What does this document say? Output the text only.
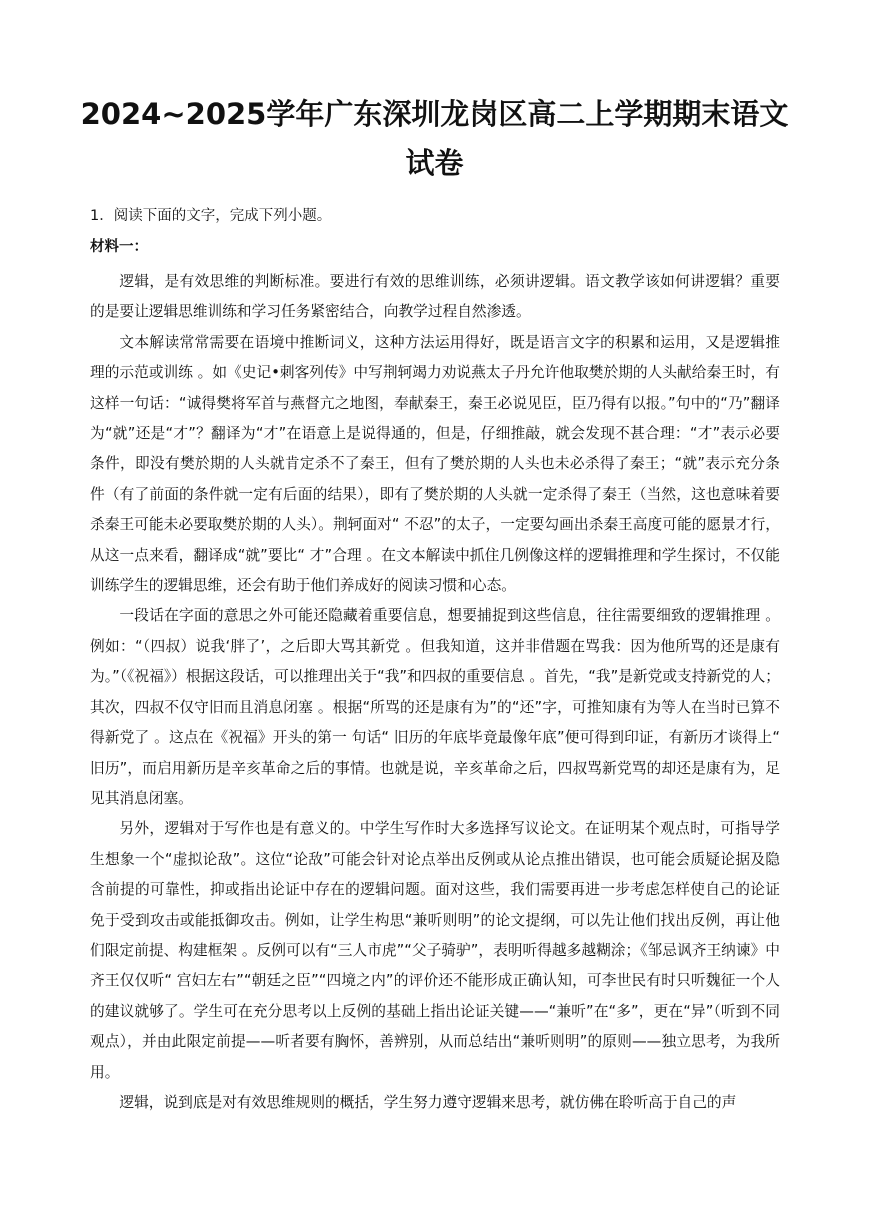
2024~2025学年广东深圳龙岗区高二上学期期末语文试卷
1．阅读下面的文字，完成下列小题。
材料一：

逻辑，是有效思维的判断标准。要进行有效的思维训练，必须讲逻辑。语文教学该如何讲逻辑？重要的是要让逻辑思维训练和学习任务紧密结合，向教学过程自然渗透。

文本解读常常需要在语境中推断词义，这种方法运用得好，既是语言文字的积累和运用，又是逻辑推理的示范或训练 。如《史记•刺客列传》中写荆轲竭力劝说燕太子丹允许他取樊於期的人头献给秦王时，有这样一句话：“诚得樊将军首与燕督亢之地图，奉献秦王，秦王必说见臣，臣乃得有以报。”句中的“乃”翻译为“就”还是“才”？翻译为“才”在语意上是说得通的，但是，仔细推敲，就会发现不甚合理：“才”表示必要条件，即没有樊於期的人头就肯定杀不了秦王，但有了樊於期的人头也未必杀得了秦王；“就”表示充分条件（有了前面的条件就一定有后面的结果），即有了樊於期的人头就一定杀得了秦王（当然，这也意味着要杀秦王可能未必要取樊於期的人头）。荆轲面对“ 不忍”的太子，一定要勾画出杀秦王高度可能的愿景才行，从这一点来看，翻译成“就”要比“ 才”合理 。在文本解读中抓住几例像这样的逻辑推理和学生探讨，不仅能训练学生的逻辑思维，还会有助于他们养成好的阅读习惯和心态。

一段话在字面的意思之外可能还隐藏着重要信息，想要捕捉到这些信息，往往需要细致的逻辑推理 。例如：“（四叔）说我‘胖了’，之后即大骂其新党 。但我知道，这并非借题在骂我：因为他所骂的还是康有为。”（《祝福》）根据这段话，可以推理出关于“我”和四叔的重要信息 。首先，“我”是新党或支持新党的人；其次，四叔不仅守旧而且消息闭塞 。根据“所骂的还是康有为”的“还”字，可推知康有为等人在当时已算不得新党了 。这点在《祝福》开头的第一 句话“ 旧历的年底毕竟最像年底”便可得到印证，有新历才谈得上“ 旧历”，而启用新历是辛亥革命之后的事情。也就是说，辛亥革命之后，四叔骂新党骂的却还是康有为，足见其消息闭塞。

另外，逻辑对于写作也是有意义的。中学生写作时大多选择写议论文。在证明某个观点时，可指导学生想象一个“虚拟论敌”。这位“论敌”可能会针对论点举出反例或从论点推出错误，也可能会质疑论据及隐含前提的可靠性，抑或指出论证中存在的逻辑问题。面对这些，我们需要再进一步考虑怎样使自己的论证免于受到攻击或能抵御攻击。例如，让学生构思“兼听则明”的论文提纲，可以先让他们找出反例，再让他们限定前提、构建框架 。反例可以有“三人市虎”“父子骑驴”，表明听得越多越糊涂；《邹忌讽齐王纳谏》中齐王仅仅听“ 宫妇左右”“朝廷之臣”“四境之内”的评价还不能形成正确认知，可李世民有时只听魏征一个人的建议就够了。学生可在充分思考以上反例的基础上指出论证关键——“兼听”在“多”，更在“异”（听到不同观点），并由此限定前提——听者要有胸怀，善辨别，从而总结出“兼听则明”的原则——独立思考，为我所用。

逻辑，说到底是对有效思维规则的概括，学生努力遵守逻辑来思考，就仿佛在聆听高于自己的声
